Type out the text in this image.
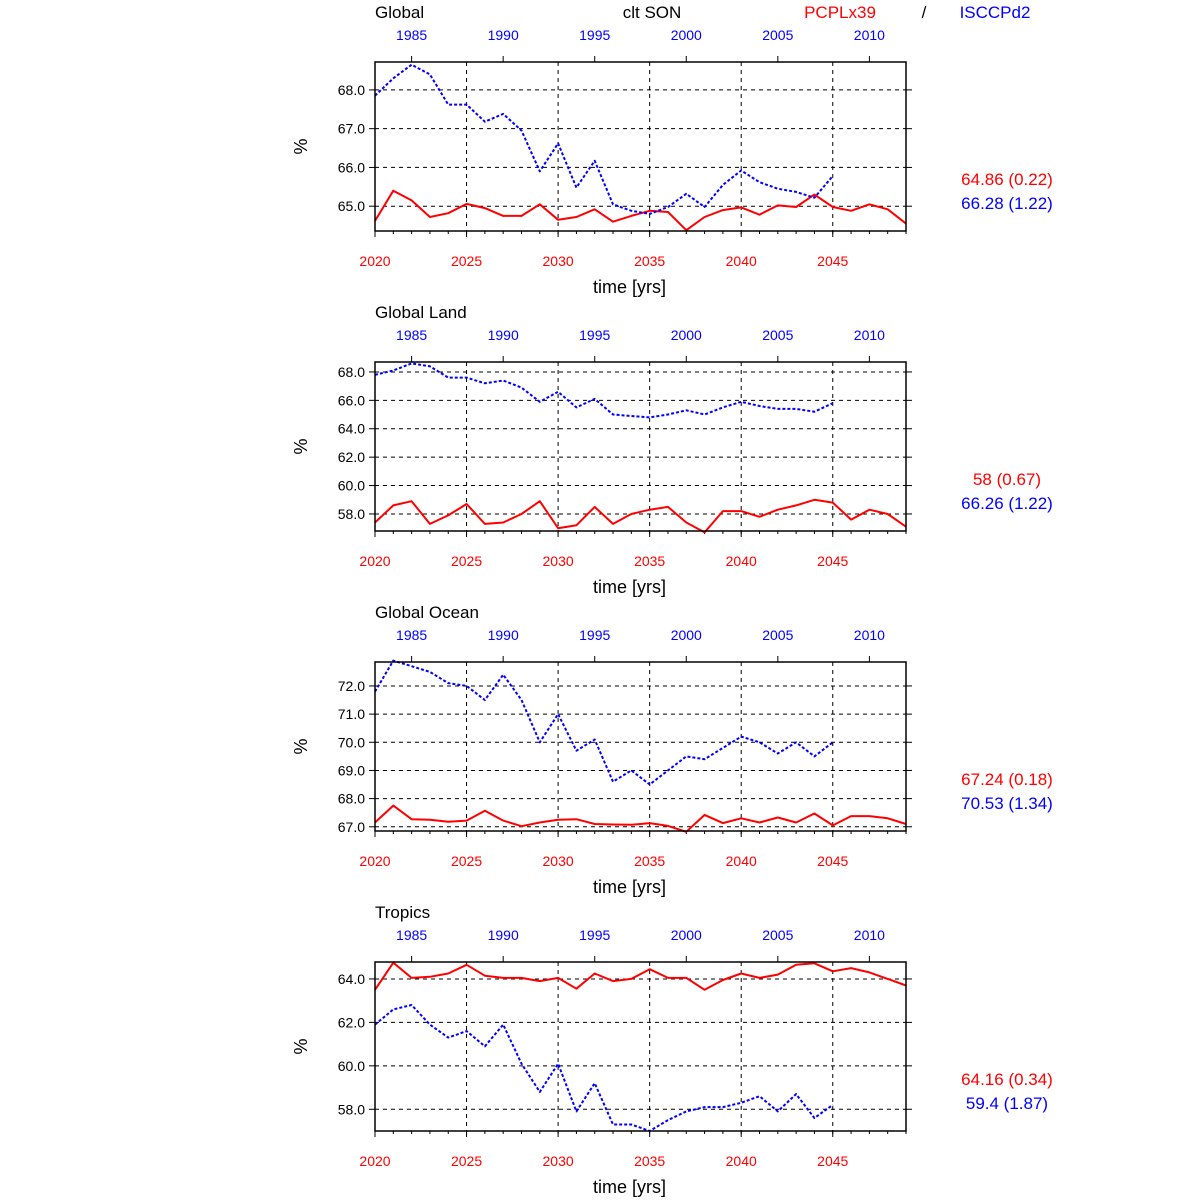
Global	clt SON	PCPLx39	/ ISCCPd2
2020	2025	2030	2035	2040	2045
1985	1990	1995	2000	2005	2010
65.0
66.0
67.0
68.0
time [yrs]
%
64.86 (0.22)
66.28 (1.22)
Global Land
2020	2025	2030	2035	2040	2045
1985	1990	1995	2000	2005	2010
58.0
60.0
62.0
64.0
66.0
68.0
time [yrs]
%
58 (0.67)
66.26 (1.22)
Global Ocean
2020	2025	2030	2035	2040	2045
1985	1990	1995	2000	2005	2010
67.0
68.0
69.0
70.0
71.0
72.0
time [yrs]
%
67.24 (0.18)
70.53 (1.34)
Tropics
2020	2025	2030	2035	2040	2045
1985	1990	1995	2000	2005	2010
58.0
60.0
62.0
64.0
time [yrs]
%
64.16 (0.34)
59.4 (1.87)
